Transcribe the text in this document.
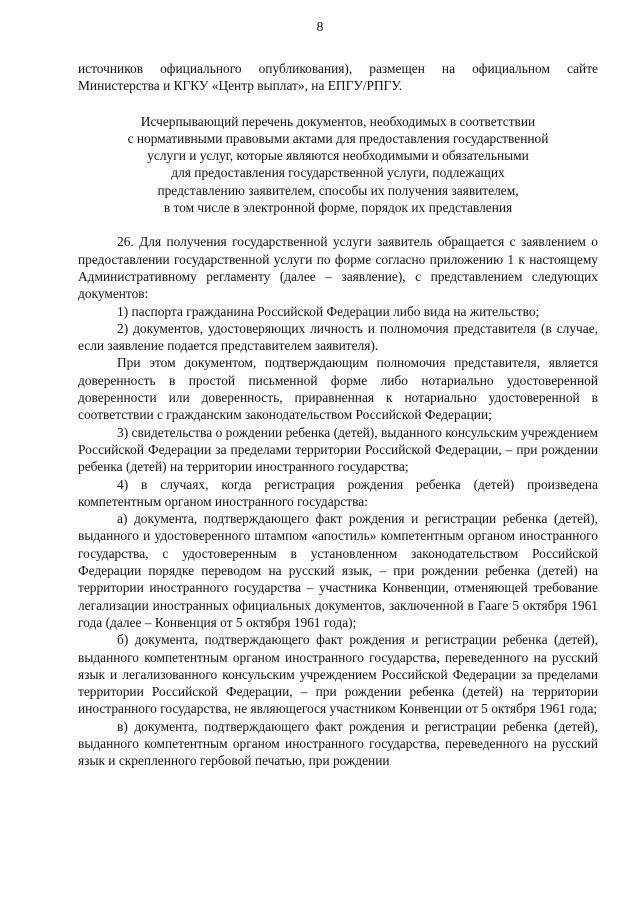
8

источников официального опубликования), размещен на официальном сайте Министерства и КГКУ «Центр выплат», на ЕПГУ/РПГУ.

Исчерпывающий перечень документов, необходимых в соответствии
с нормативными правовыми актами для предоставления государственной
услуги и услуг, которые являются необходимыми и обязательными
для предоставления государственной услуги, подлежащих
представлению заявителем, способы их получения заявителем,
в том числе в электронной форме, порядок их представления

26. Для получения государственной услуги заявитель обращается с заявлением о предоставлении государственной услуги по форме согласно приложению 1 к настоящему Административному регламенту (далее – заявление), с представлением следующих документов:

1) паспорта гражданина Российской Федерации либо вида на жительство;

2) документов, удостоверяющих личность и полномочия представителя (в случае, если заявление подается представителем заявителя).

При этом документом, подтверждающим полномочия представителя, является доверенность в простой письменной форме либо нотариально удостоверенной доверенности или доверенность, приравненная к нотариально удостоверенной в соответствии с гражданским законодательством Российской Федерации;

3) свидетельства о рождении ребенка (детей), выданного консульским учреждением Российской Федерации за пределами территории Российской Федерации, – при рождении ребенка (детей) на территории иностранного государства;

4) в случаях, когда регистрация рождения ребенка (детей) произведена компетентным органом иностранного государства:

а) документа, подтверждающего факт рождения и регистрации ребенка (детей), выданного и удостоверенного штампом «апостиль» компетентным органом иностранного государства, с удостоверенным в установленном законодательством Российской Федерации порядке переводом на русский язык, – при рождении ребенка (детей) на территории иностранного государства – участника Конвенции, отменяющей требование легализации иностранных официальных документов, заключенной в Гааге 5 октября 1961 года (далее – Конвенция от 5 октября 1961 года);

б) документа, подтверждающего факт рождения и регистрации ребенка (детей), выданного компетентным органом иностранного государства, переведенного на русский язык и легализованного консульским учреждением Российской Федерации за пределами территории Российской Федерации, – при рождении ребенка (детей) на территории иностранного государства, не являющегося участником Конвенции от 5 октября 1961 года;

в) документа, подтверждающего факт рождения и регистрации ребенка (детей), выданного компетентным органом иностранного государства, переведенного на русский язык и скрепленного гербовой печатью, при рождении
